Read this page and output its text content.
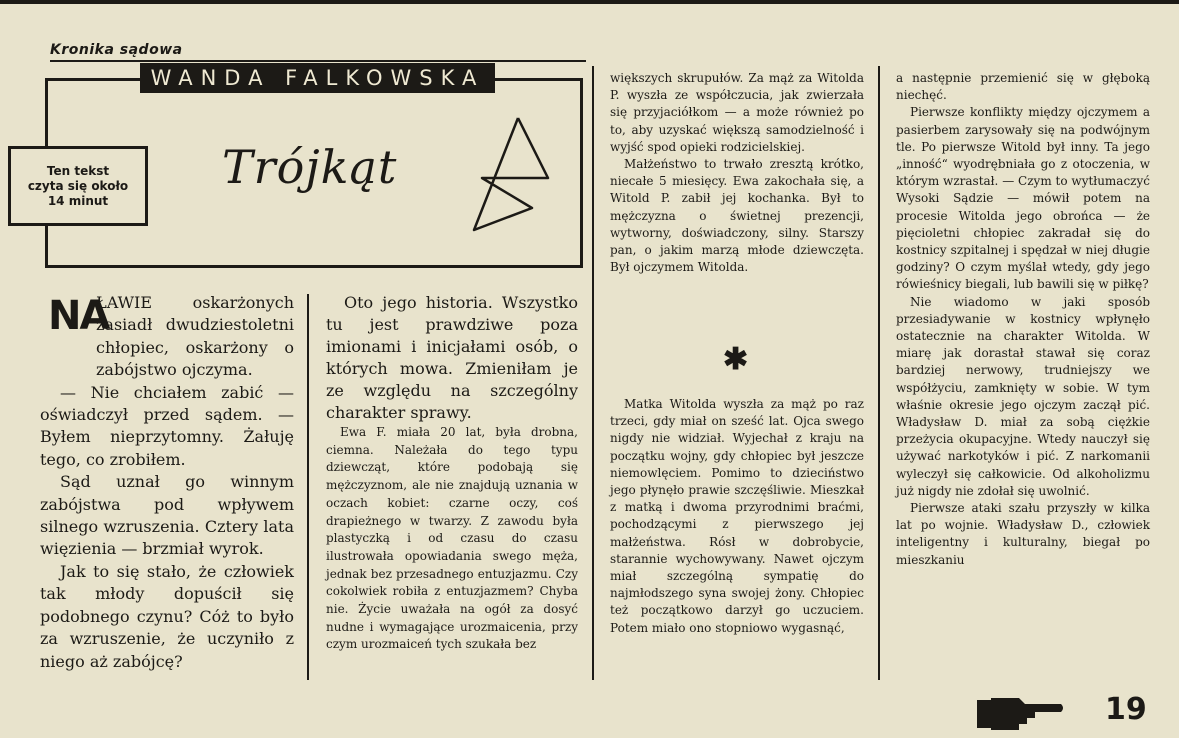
Kronika sądowa
WANDA FALKOWSKA
Ten tekst
czyta się około
14 minut
Trójkąt
NA

ŁAWIE oskarżonych zasiadł dwudziestoletni chłopiec, oskarżony o zabójstwo ojczyma.

— Nie chciałem zabić — oświadczył przed sądem. — Byłem nieprzytomny. Żałuję tego, co zrobiłem.

Sąd uznał go winnym zabójstwa pod wpływem silnego wzruszenia. Cztery lata więzienia — brzmiał wyrok.

Jak to się stało, że człowiek tak młody dopuścił się podobnego czynu? Cóż to było za wzruszenie, że uczyniło z niego aż zabójcę?

Oto jego historia. Wszystko tu jest prawdziwe poza imionami i inicjałami osób, o których mowa. Zmieniłam je ze względu na szczególny charakter sprawy.

Ewa F. miała 20 lat, była drobna, ciemna. Należała do tego typu dziewcząt, które podobają się mężczyznom, ale nie znajdują uznania w oczach kobiet: czarne oczy, coś drapieżnego w twarzy. Z zawodu była plastyczką i od czasu do czasu ilustrowała opowiadania swego męża, jednak bez przesadnego entuzjazmu. Czy cokolwiek robiła z entuzjazmem? Chyba nie. Życie uważała na ogół za dosyć nudne i wymagające urozmaicenia, przy czym urozmaiceń tych szukała bez

większych skrupułów. Za mąż za Witolda P. wyszła ze współczucia, jak zwierzała się przyjaciółkom — a może również po to, aby uzyskać większą samodzielność i wyjść spod opieki rodzicielskiej.

Małżeństwo to trwało zresztą krótko, niecałe 5 miesięcy. Ewa zakochała się, a Witold P. zabił jej kochanka. Był to mężczyzna o świetnej prezencji, wytworny, doświadczony, silny. Starszy pan, o jakim marzą młode dziewczęta. Był ojczymem Witolda.

✱

Matka Witolda wyszła za mąż po raz trzeci, gdy miał on sześć lat. Ojca swego nigdy nie widział. Wyjechał z kraju na początku wojny, gdy chłopiec był jeszcze niemowlęciem. Pomimo to dzieciństwo jego płynęło prawie szczęśliwie. Mieszkał z matką i dwoma przyrodnimi braćmi, pochodzącymi z pierwszego jej małżeństwa. Rósł w dobrobycie, starannie wychowywany. Nawet ojczym miał szczególną sympatię do najmłodszego syna swojej żony. Chłopiec też początkowo darzył go uczuciem. Potem miało ono stopniowo wygasnąć,

a następnie przemienić się w głęboką niechęć.

Pierwsze konflikty między ojczymem a pasierbem zarysowały się na podwójnym tle. Po pierwsze Witold był inny. Ta jego „inność“ wyodrębniała go z otoczenia, w którym wzrastał. — Czym to wytłumaczyć Wysoki Sądzie — mówił potem na procesie Witolda jego obrońca — że pięcioletni chłopiec zakradał się do kostnicy szpitalnej i spędzał w niej długie godziny? O czym myślał wtedy, gdy jego rówieśnicy biegali, lub bawili się w piłkę?

Nie wiadomo w jaki sposób przesiadywanie w kostnicy wpłynęło ostatecznie na charakter Witolda. W miarę jak dorastał stawał się coraz bardziej nerwowy, trudniejszy we współżyciu, zamknięty w sobie. W tym właśnie okresie jego ojczym zaczął pić. Władysław D. miał za sobą ciężkie przeżycia okupacyjne. Wtedy nauczył się używać narkotyków i pić. Z narkomanii wyleczył się całkowicie. Od alkoholizmu już nigdy nie zdołał się uwolnić.

Pierwsze ataki szału przyszły w kilka lat po wojnie. Władysław D., człowiek inteligentny i kulturalny, biegał po mieszkaniu

19
